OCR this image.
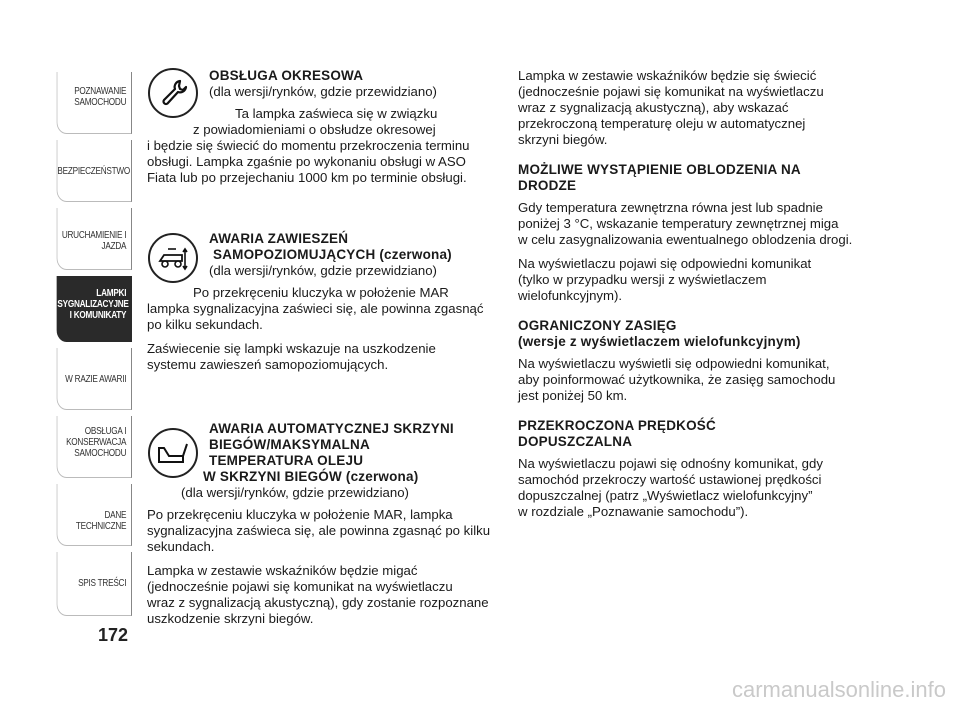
POZNAWANIE
SAMOCHODU
BEZPIECZEŃSTWO
URUCHAMIENIE I
JAZDA
LAMPKI
SYGNALIZACYJNE
I KOMUNIKATY
W RAZIE AWARII
OBSŁUGA I
KONSERWACJA
SAMOCHODU
DANE TECHNICZNE
SPIS TREŚCI
172
OBSŁUGA OKRESOWA
(dla wersji/rynków, gdzie przewidziano)
Ta lampka zaświeca się w związku
z powiadomieniami o obsłudze okresowej
i będzie się świecić do momentu przekroczenia terminu
obsługi. Lampka zgaśnie po wykonaniu obsługi w ASO
Fiata lub po przejechaniu 1000 km po terminie obsługi.
AWARIA ZAWIESZEŃ
SAMOPOZIOMUJĄCYCH (czerwona)
(dla wersji/rynków, gdzie przewidziano)
Po przekręceniu kluczyka w położenie MAR
lampka sygnalizacyjna zaświeci się, ale powinna zgasnąć
po kilku sekundach.
Zaświecenie się lampki wskazuje na uszkodzenie
systemu zawieszeń samopoziomujących.
AWARIA AUTOMATYCZNEJ SKRZYNI
BIEGÓW/MAKSYMALNA
TEMPERATURA OLEJU
W SKRZYNI BIEGÓW (czerwona)
(dla wersji/rynków, gdzie przewidziano)
Po przekręceniu kluczyka w położenie MAR, lampka
sygnalizacyjna zaświeca się, ale powinna zgasnąć po kilku
sekundach.
Lampka w zestawie wskaźników będzie migać
(jednocześnie pojawi się komunikat na wyświetlaczu
wraz z sygnalizacją akustyczną), gdy zostanie rozpoznane
uszkodzenie skrzyni biegów.
Lampka w zestawie wskaźników będzie się świecić
(jednocześnie pojawi się komunikat na wyświetlaczu
wraz z sygnalizacją akustyczną), aby wskazać
przekroczoną temperaturę oleju w automatycznej
skrzyni biegów.
MOŻLIWE WYSTĄPIENIE OBLODZENIA NA
DRODZE
Gdy temperatura zewnętrzna równa jest lub spadnie
poniżej 3 °C, wskazanie temperatury zewnętrznej miga
w celu zasygnalizowania ewentualnego oblodzenia drogi.
Na wyświetlaczu pojawi się odpowiedni komunikat
(tylko w przypadku wersji z wyświetlaczem
wielofunkcyjnym).
OGRANICZONY ZASIĘG
(wersje z wyświetlaczem wielofunkcyjnym)
Na wyświetlaczu wyświetli się odpowiedni komunikat,
aby poinformować użytkownika, że zasięg samochodu
jest poniżej 50 km.
PRZEKROCZONA PRĘDKOŚĆ
DOPUSZCZALNA
Na wyświetlaczu pojawi się odnośny komunikat, gdy
samochód przekroczy wartość ustawionej prędkości
dopuszczalnej (patrz „Wyświetlacz wielofunkcyjny”
w rozdziale „Poznawanie samochodu”).
carmanualsonline.info
